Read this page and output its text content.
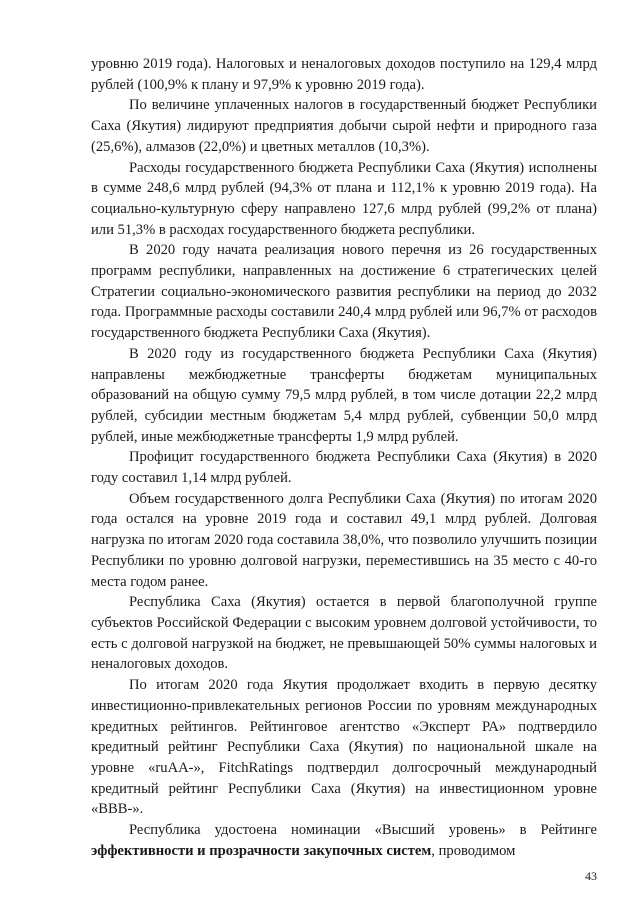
уровню 2019 года). Налоговых и неналоговых доходов поступило на 129,4 млрд рублей (100,9% к плану и 97,9% к уровню 2019 года).

По величине уплаченных налогов в государственный бюджет Республики Саха (Якутия) лидируют предприятия добычи сырой нефти и природного газа (25,6%), алмазов (22,0%) и цветных металлов (10,3%).

Расходы государственного бюджета Республики Саха (Якутия) исполнены в сумме 248,6 млрд рублей (94,3% от плана и 112,1% к уровню 2019 года). На социально-культурную сферу направлено 127,6 млрд рублей (99,2% от плана) или 51,3% в расходах государственного бюджета республики.

В 2020 году начата реализация нового перечня из 26 государственных программ республики, направленных на достижение 6 стратегических целей Стратегии социально-экономического развития республики на период до 2032 года. Программные расходы составили 240,4 млрд рублей или 96,7% от расходов государственного бюджета Республики Саха (Якутия).

В 2020 году из государственного бюджета Республики Саха (Якутия) направлены межбюджетные трансферты бюджетам муниципальных образований на общую сумму 79,5 млрд рублей, в том числе дотации 22,2 млрд рублей, субсидии местным бюджетам 5,4 млрд рублей, субвенции 50,0 млрд рублей, иные межбюджетные трансферты 1,9 млрд рублей.

Профицит государственного бюджета Республики Саха (Якутия) в 2020 году составил 1,14 млрд рублей.

Объем государственного долга Республики Саха (Якутия) по итогам 2020 года остался на уровне 2019 года и составил 49,1 млрд рублей. Долговая нагрузка по итогам 2020 года составила 38,0%, что позволило улучшить позиции Республики по уровню долговой нагрузки, переместившись на 35 место с 40-го места годом ранее.

Республика Саха (Якутия) остается в первой благополучной группе субъектов Российской Федерации с высоким уровнем долговой устойчивости, то есть с долговой нагрузкой на бюджет, не превышающей 50% суммы налоговых и неналоговых доходов.

По итогам 2020 года Якутия продолжает входить в первую десятку инвестиционно-привлекательных регионов России по уровням международных кредитных рейтингов. Рейтинговое агентство «Эксперт РА» подтвердило кредитный рейтинг Республики Саха (Якутия) по национальной шкале на уровне «ruAA-», FitchRatings подтвердил долгосрочный международный кредитный рейтинг Республики Саха (Якутия) на инвестиционном уровне «BBB-».

Республика удостоена номинации «Высший уровень» в Рейтинге эффективности и прозрачности закупочных систем, проводимом

43
